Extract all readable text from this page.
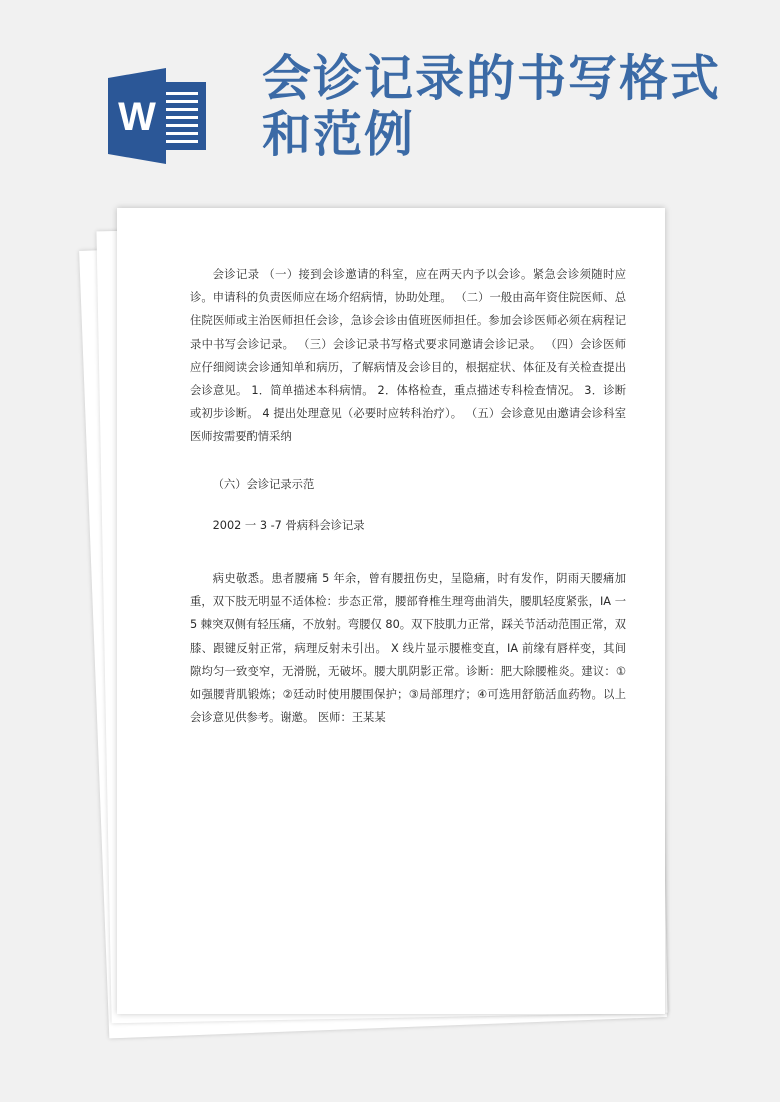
W
会诊记录的书写格式和范例

会诊记录 （一）接到会诊邀请的科室，应在两天内予以会诊。紧急会诊须随时应诊。申请科的负责医师应在场介绍病情，协助处理。 （二）一般由高年资住院医师、总住院医师或主治医师担任会诊，急诊会诊由值班医师担任。参加会诊医师必须在病程记录中书写会诊记录。 （三）会诊记录书写格式要求同邀请会诊记录。 （四）会诊医师应仔细阅读会诊通知单和病历，了解病情及会诊目的，根据症状、体征及有关检查提出会诊意见。 1．简单描述本科病情。 2．体格检查，重点描述专科检查情况。 3．诊断或初步诊断。 4 提出处理意见（必要时应转科治疗）。 （五）会诊意见由邀请会诊科室医师按需要酌情采纳

（六）会诊记录示范

2002 一 3 -7 骨病科会诊记录

病史敬悉。患者腰痛 5 年余，曾有腰扭伤史，呈隐痛，时有发作，阴雨天腰痛加重，双下肢无明显不适体检：步态正常，腰部脊椎生理弯曲消失，腰肌轻度紧张，IA 一 5 棘突双侧有轻压痛，不放射。弯腰仅 80。双下肢肌力正常，踩关节活动范围正常，双膝、跟键反射正常，病理反射未引出。 X 线片显示腰椎变直，IA 前缘有唇样变，其间隙均匀一致变窄，无滑脱，无破坏。腰大肌阴影正常。诊断：肥大除腰椎炎。建议：①如强腰背肌锻炼；②廷动时使用腰围保护；③局部理疗；④可选用舒筋活血药物。以上会诊意见供参考。谢邀。 医师：王某某
